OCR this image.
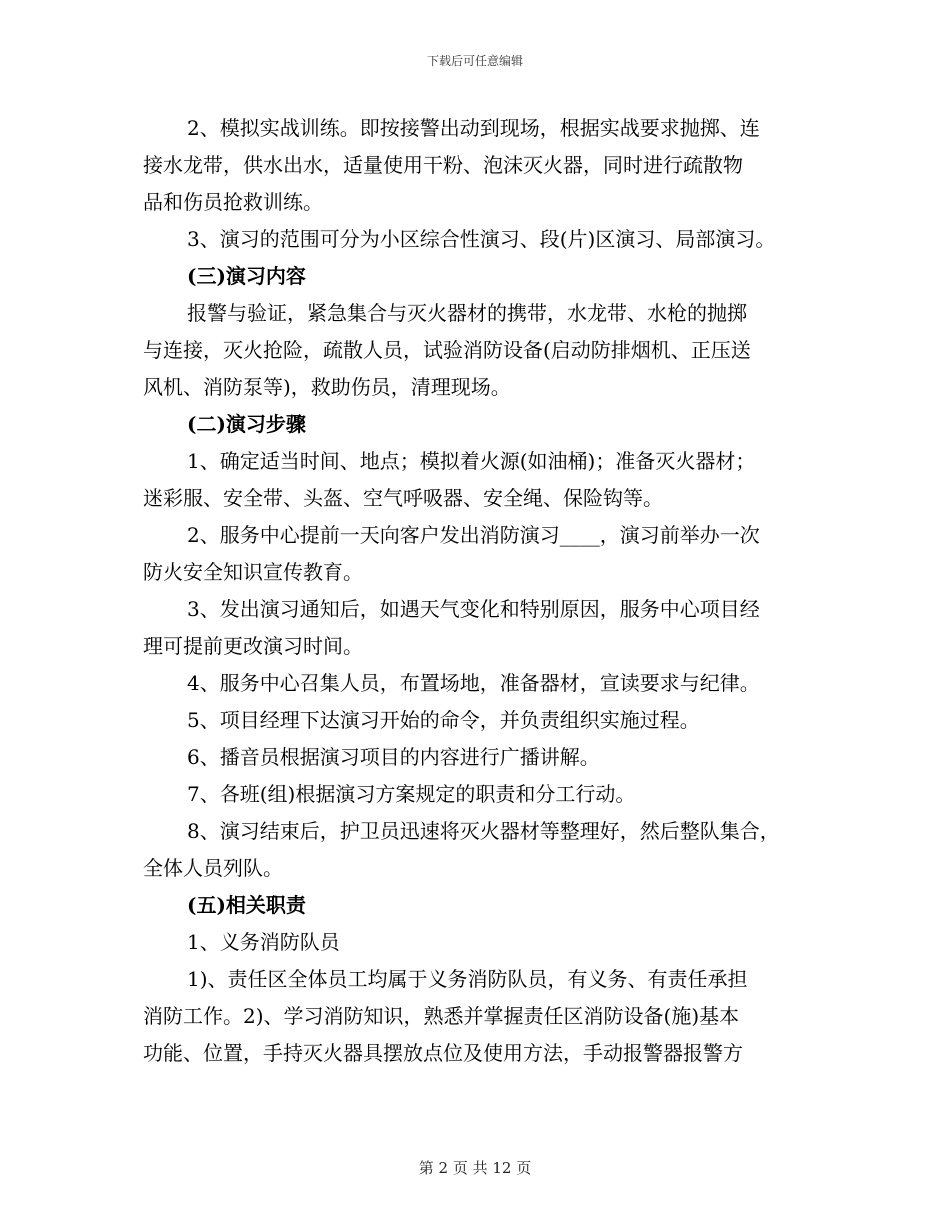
下载后可任意编辑
2、模拟实战训练。即按接警出动到现场，根据实战要求抛掷、连
接水龙带，供水出水，适量使用干粉、泡沫灭火器，同时进行疏散物
品和伤员抢救训练。
3、演习的范围可分为小区综合性演习、段(片)区演习、局部演习。
(三)演习内容
报警与验证，紧急集合与灭火器材的携带，水龙带、水枪的抛掷
与连接，灭火抢险，疏散人员，试验消防设备(启动防排烟机、正压送
风机、消防泵等)，救助伤员，清理现场。
(二)演习步骤
1、确定适当时间、地点；模拟着火源(如油桶)；准备灭火器材；
迷彩服、安全带、头盔、空气呼吸器、安全绳、保险钩等。
2、服务中心提前一天向客户发出消防演习____，演习前举办一次
防火安全知识宣传教育。
3、发出演习通知后，如遇天气变化和特别原因，服务中心项目经
理可提前更改演习时间。
4、服务中心召集人员，布置场地，准备器材，宣读要求与纪律。
5、项目经理下达演习开始的命令，并负责组织实施过程。
6、播音员根据演习项目的内容进行广播讲解。
7、各班(组)根据演习方案规定的职责和分工行动。
8、演习结束后，护卫员迅速将灭火器材等整理好，然后整队集合，
全体人员列队。
(五)相关职责
1、义务消防队员
1)、责任区全体员工均属于义务消防队员，有义务、有责任承担
消防工作。2)、学习消防知识，熟悉并掌握责任区消防设备(施)基本
功能、位置，手持灭火器具摆放点位及使用方法，手动报警器报警方
第 2 页 共 12 页
